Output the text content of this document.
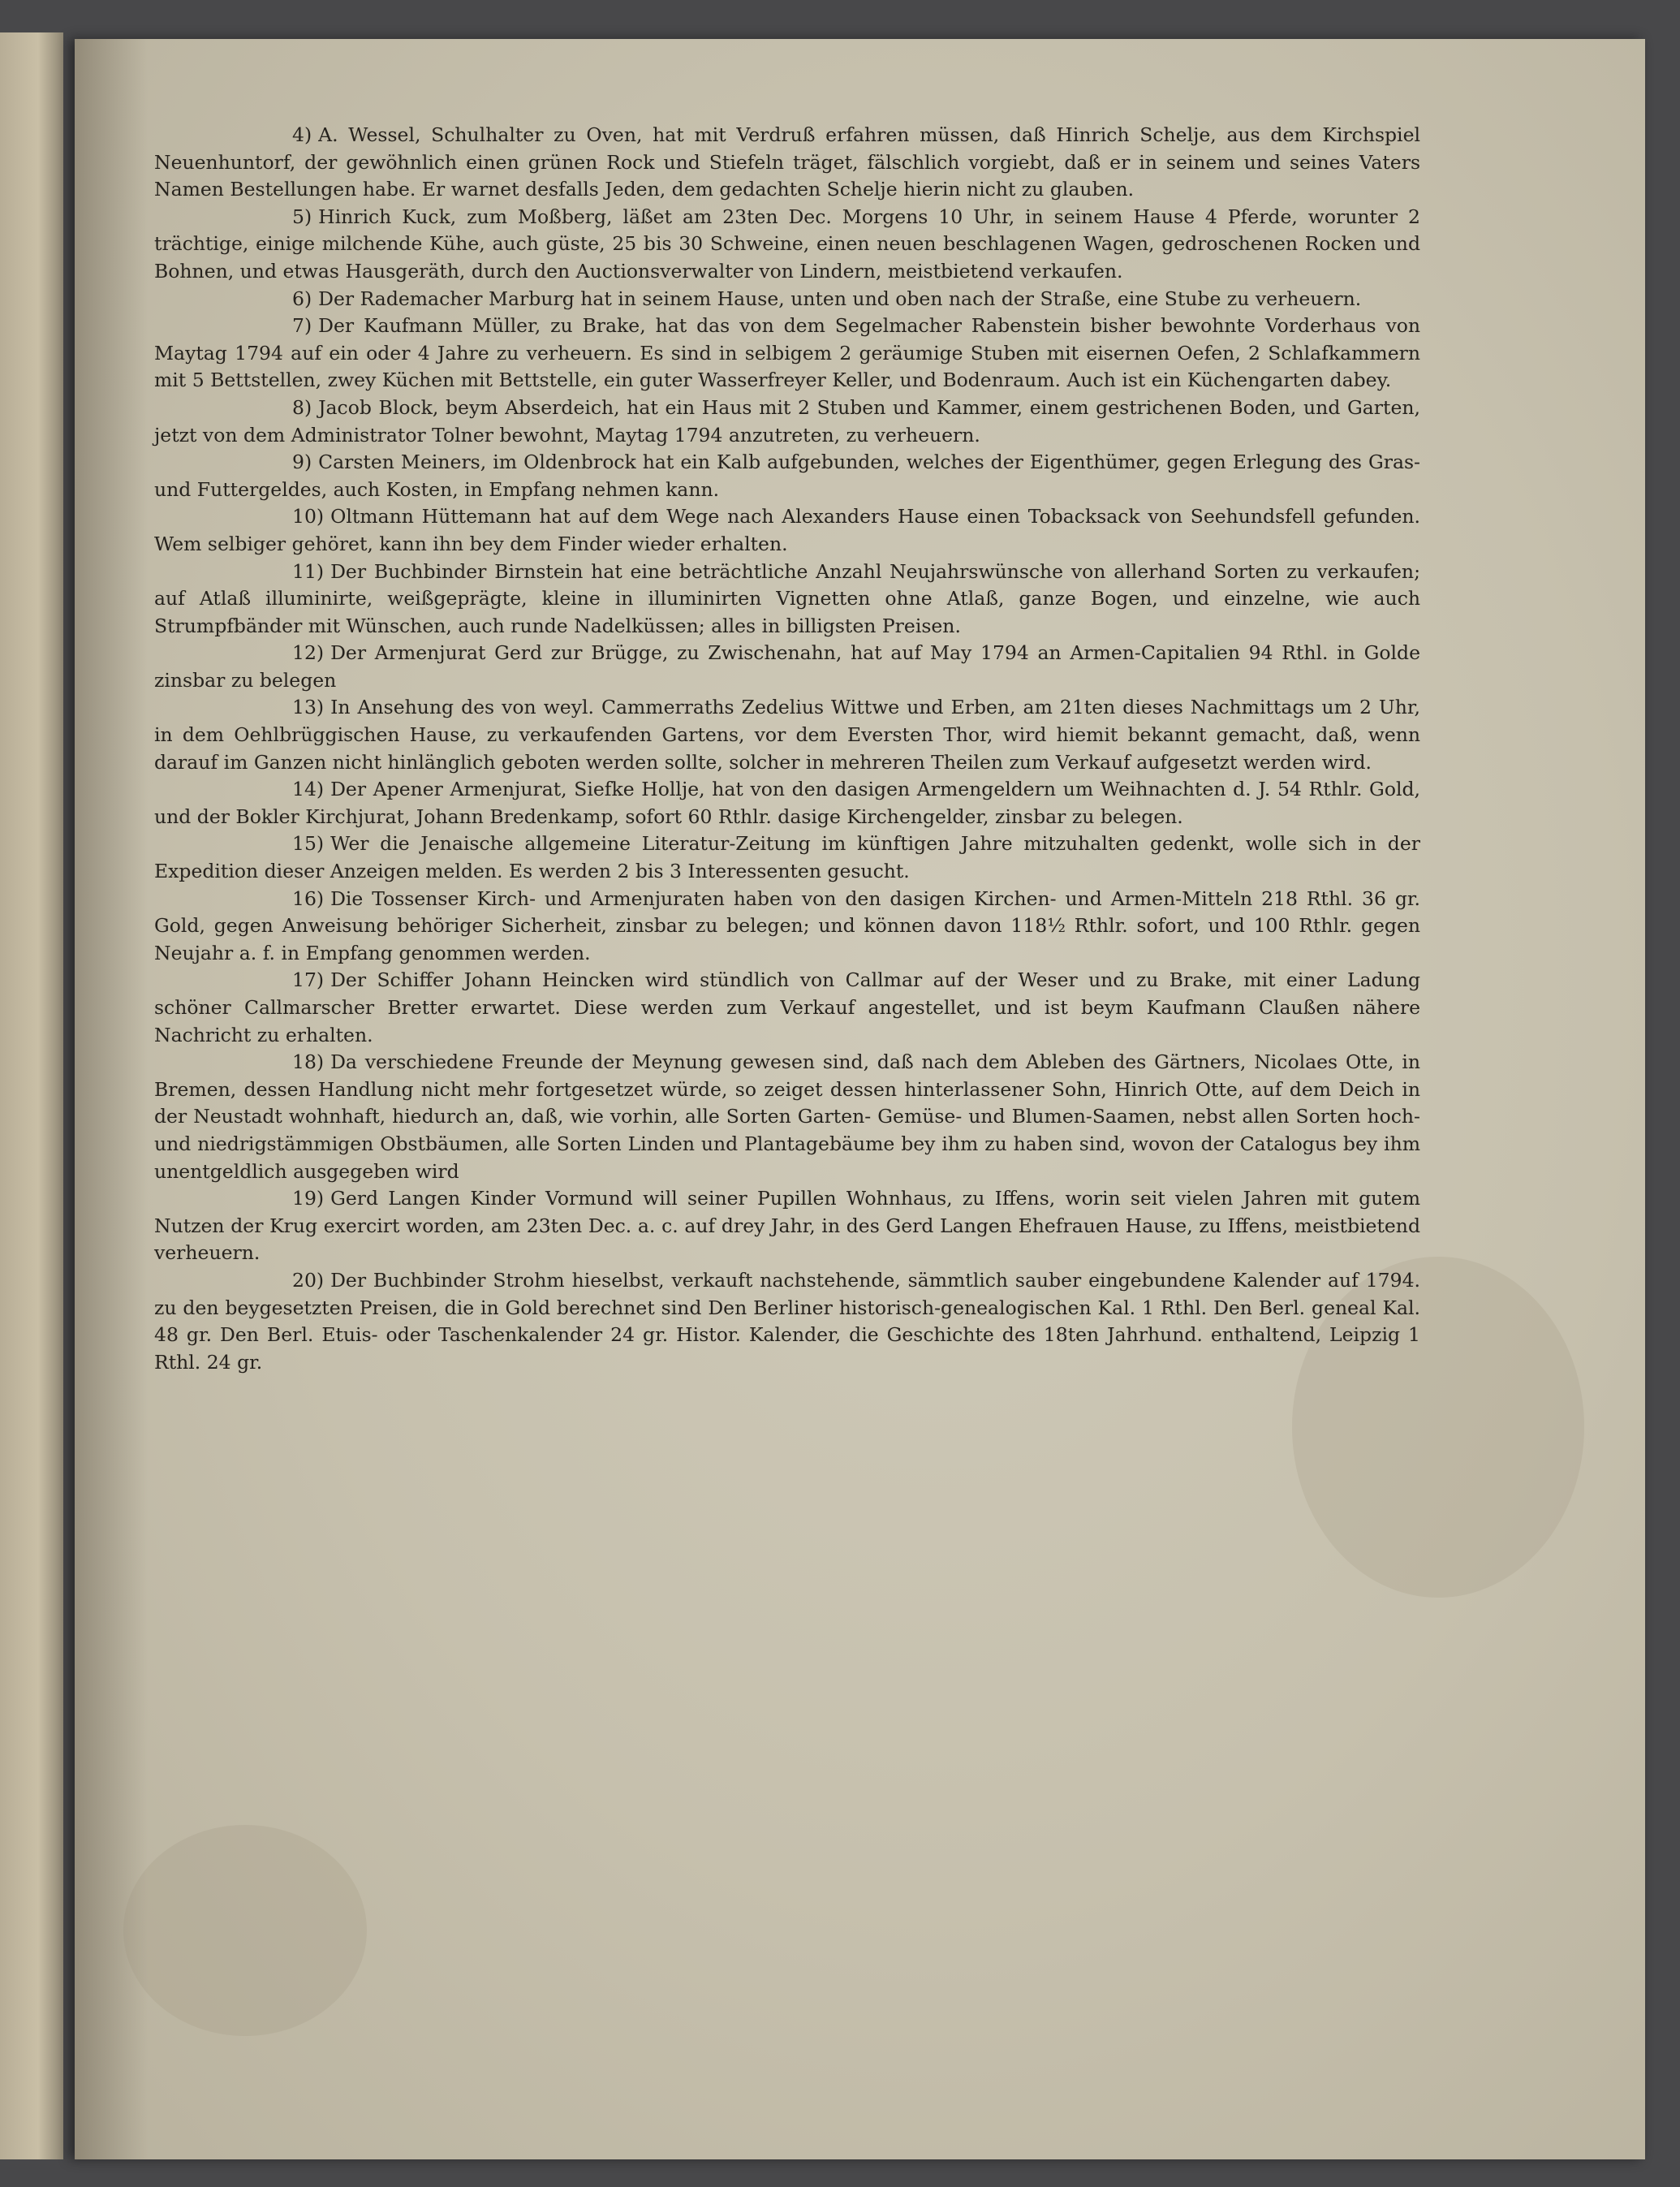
4) A. Wessel, Schulhalter zu Oven, hat mit Verdruß erfahren müssen, daß Hinrich Schelje, aus dem Kirchspiel Neuenhuntorf, der gewöhnlich einen grünen Rock und Stiefeln träget, fälschlich vorgiebt, daß er in seinem und seines Vaters Namen Bestellungen habe. Er warnet desfalls Jeden, dem gedachten Schelje hierin nicht zu glauben.

5) Hinrich Kuck, zum Moßberg, läßet am 23ten Dec. Morgens 10 Uhr, in seinem Hause 4 Pferde, worunter 2 trächtige, einige milchende Kühe, auch güste, 25 bis 30 Schweine, einen neuen beschlagenen Wagen, gedroschenen Rocken und Bohnen, und etwas Hausgeräth, durch den Auctionsverwalter von Lindern, meistbietend verkaufen.

6) Der Rademacher Marburg hat in seinem Hause, unten und oben nach der Straße, eine Stube zu verheuern.

7) Der Kaufmann Müller, zu Brake, hat das von dem Segelmacher Rabenstein bisher bewohnte Vorderhaus von Maytag 1794 auf ein oder 4 Jahre zu verheuern. Es sind in selbigem 2 geräumige Stuben mit eisernen Oefen, 2 Schlafkammern mit 5 Bettstellen, zwey Küchen mit Bettstelle, ein guter Wasserfreyer Keller, und Bodenraum. Auch ist ein Küchengarten dabey.

8) Jacob Block, beym Abserdeich, hat ein Haus mit 2 Stuben und Kammer, einem gestrichenen Boden, und Garten, jetzt von dem Administrator Tolner bewohnt, Maytag 1794 anzutreten, zu verheuern.

9) Carsten Meiners, im Oldenbrock hat ein Kalb aufgebunden, welches der Eigenthümer, gegen Erlegung des Gras- und Futtergeldes, auch Kosten, in Empfang nehmen kann.

10) Oltmann Hüttemann hat auf dem Wege nach Alexanders Hause einen Tobacksack von Seehundsfell gefunden. Wem selbiger gehöret, kann ihn bey dem Finder wieder erhalten.

11) Der Buchbinder Birnstein hat eine beträchtliche Anzahl Neujahrswünsche von allerhand Sorten zu verkaufen; auf Atlaß illuminirte, weißgeprägte, kleine in illuminirten Vignetten ohne Atlaß, ganze Bogen, und einzelne, wie auch Strumpfbänder mit Wünschen, auch runde Nadelküssen; alles in billigsten Preisen.

12) Der Armenjurat Gerd zur Brügge, zu Zwischenahn, hat auf May 1794 an Armen-Capitalien 94 Rthl. in Golde zinsbar zu belegen

13) In Ansehung des von weyl. Cammerraths Zedelius Wittwe und Erben, am 21ten dieses Nachmittags um 2 Uhr, in dem Oehlbrüggischen Hause, zu verkaufenden Gartens, vor dem Eversten Thor, wird hiemit bekannt gemacht, daß, wenn darauf im Ganzen nicht hinlänglich geboten werden sollte, solcher in mehreren Theilen zum Verkauf aufgesetzt werden wird.

14) Der Apener Armenjurat, Siefke Hollje, hat von den dasigen Armengeldern um Weihnachten d. J. 54 Rthlr. Gold, und der Bokler Kirchjurat, Johann Bredenkamp, sofort 60 Rthlr. dasige Kirchengelder, zinsbar zu belegen.

15) Wer die Jenaische allgemeine Literatur-Zeitung im künftigen Jahre mitzuhalten gedenkt, wolle sich in der Expedition dieser Anzeigen melden. Es werden 2 bis 3 Interessenten gesucht.

16) Die Tossenser Kirch- und Armenjuraten haben von den dasigen Kirchen- und Armen-Mitteln 218 Rthl. 36 gr. Gold, gegen Anweisung behöriger Sicherheit, zinsbar zu belegen; und können davon 118½ Rthlr. sofort, und 100 Rthlr. gegen Neujahr a. f. in Empfang genommen werden.

17) Der Schiffer Johann Heincken wird stündlich von Callmar auf der Weser und zu Brake, mit einer Ladung schöner Callmarscher Bretter erwartet. Diese werden zum Verkauf angestellet, und ist beym Kaufmann Claußen nähere Nachricht zu erhalten.

18) Da verschiedene Freunde der Meynung gewesen sind, daß nach dem Ableben des Gärtners, Nicolaes Otte, in Bremen, dessen Handlung nicht mehr fortgesetzet würde, so zeiget dessen hinterlassener Sohn, Hinrich Otte, auf dem Deich in der Neustadt wohnhaft, hiedurch an, daß, wie vorhin, alle Sorten Garten- Gemüse- und Blumen-Saamen, nebst allen Sorten hoch- und niedrigstämmigen Obstbäumen, alle Sorten Linden und Plantagebäume bey ihm zu haben sind, wovon der Catalogus bey ihm unentgeldlich ausgegeben wird

19) Gerd Langen Kinder Vormund will seiner Pupillen Wohnhaus, zu Iffens, worin seit vielen Jahren mit gutem Nutzen der Krug exercirt worden, am 23ten Dec. a. c. auf drey Jahr, in des Gerd Langen Ehefrauen Hause, zu Iffens, meistbietend verheuern.

20) Der Buchbinder Strohm hieselbst, verkauft nachstehende, sämmtlich sauber eingebundene Kalender auf 1794. zu den beygesetzten Preisen, die in Gold berechnet sind Den Berliner historisch-genealogischen Kal. 1 Rthl. Den Berl. geneal Kal. 48 gr. Den Berl. Etuis- oder Taschenkalender 24 gr. Histor. Kalender, die Geschichte des 18ten Jahrhund. enthaltend, Leipzig 1 Rthl. 24 gr.
